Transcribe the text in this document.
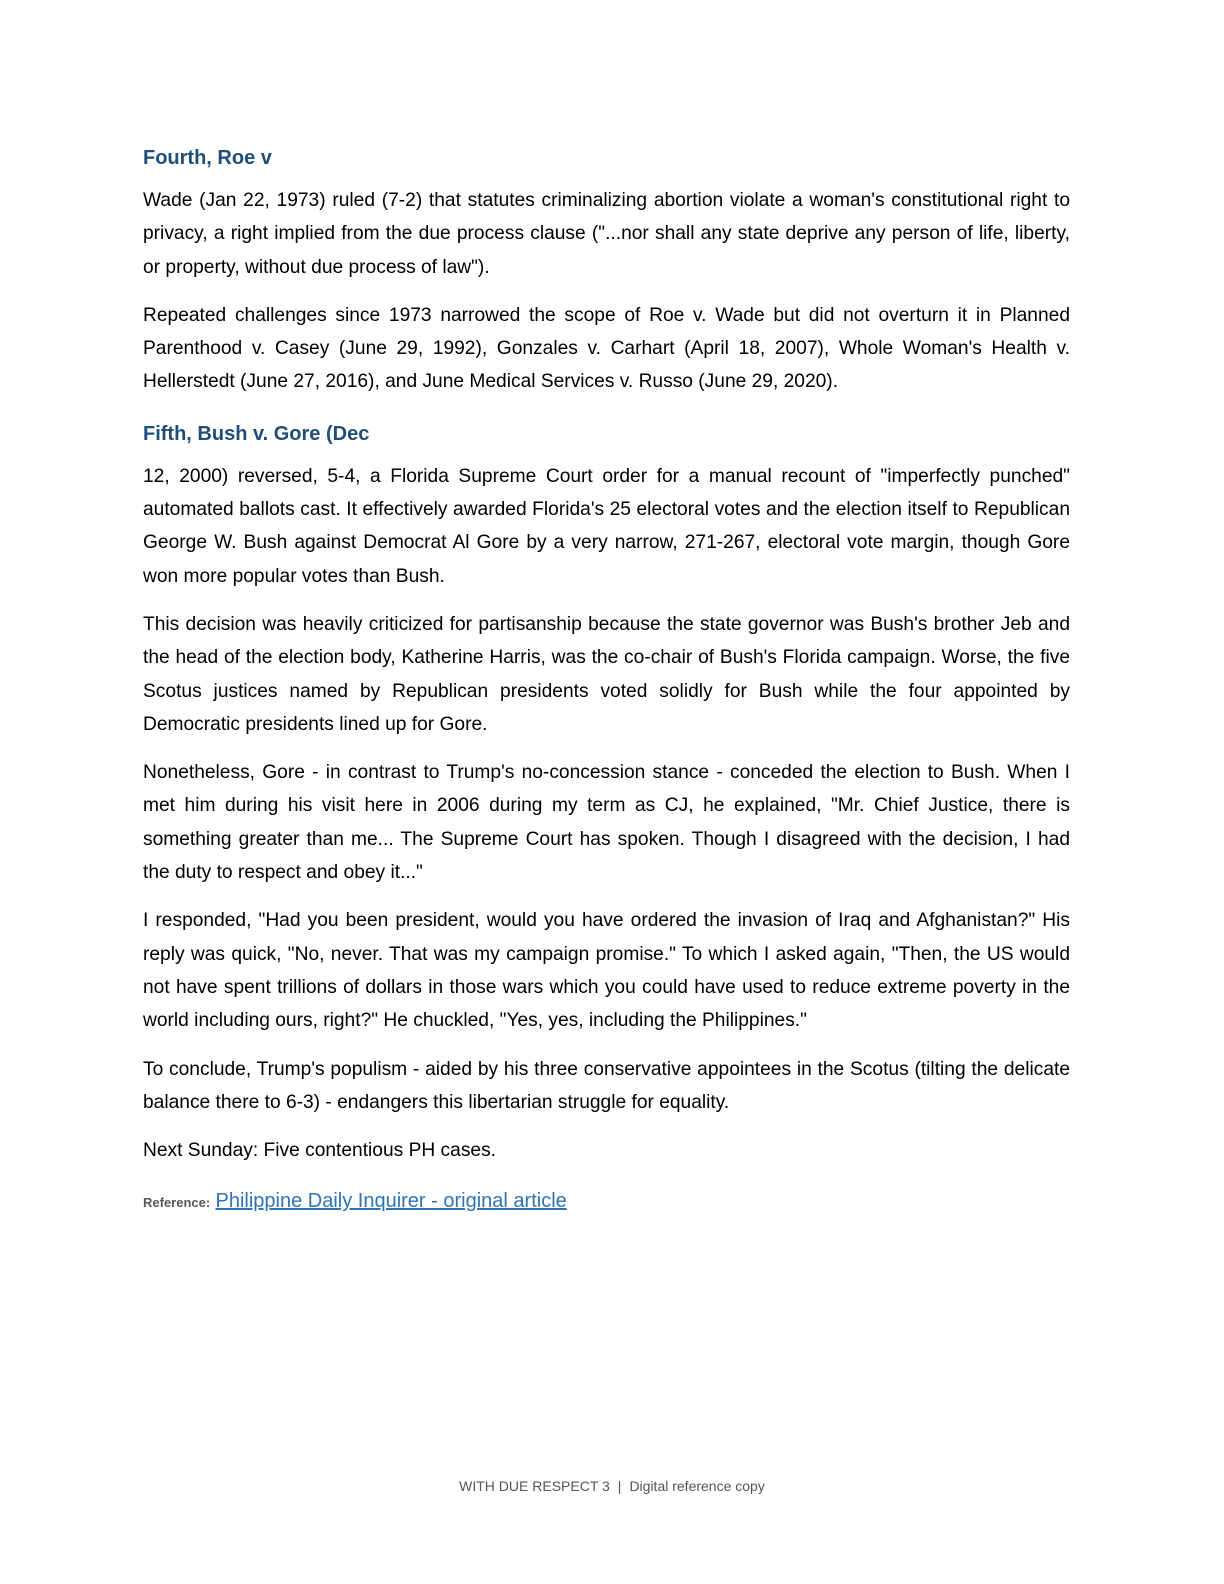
Fourth, Roe v

Wade (Jan 22, 1973) ruled (7-2) that statutes criminalizing abortion violate a woman's constitutional right to privacy, a right implied from the due process clause ("...nor shall any state deprive any person of life, liberty, or property, without due process of law").

Repeated challenges since 1973 narrowed the scope of Roe v. Wade but did not overturn it in Planned Parenthood v. Casey (June 29, 1992), Gonzales v. Carhart (April 18, 2007), Whole Woman's Health v. Hellerstedt (June 27, 2016), and June Medical Services v. Russo (June 29, 2020).

Fifth, Bush v. Gore (Dec

12, 2000) reversed, 5-4, a Florida Supreme Court order for a manual recount of "imperfectly punched" automated ballots cast. It effectively awarded Florida's 25 electoral votes and the election itself to Republican George W. Bush against Democrat Al Gore by a very narrow, 271-267, electoral vote margin, though Gore won more popular votes than Bush.

This decision was heavily criticized for partisanship because the state governor was Bush's brother Jeb and the head of the election body, Katherine Harris, was the co-chair of Bush's Florida campaign. Worse, the five Scotus justices named by Republican presidents voted solidly for Bush while the four appointed by Democratic presidents lined up for Gore.

Nonetheless, Gore - in contrast to Trump's no-concession stance - conceded the election to Bush. When I met him during his visit here in 2006 during my term as CJ, he explained, "Mr. Chief Justice, there is something greater than me... The Supreme Court has spoken. Though I disagreed with the decision, I had the duty to respect and obey it..."

I responded, "Had you been president, would you have ordered the invasion of Iraq and Afghanistan?" His reply was quick, "No, never. That was my campaign promise." To which I asked again, "Then, the US would not have spent trillions of dollars in those wars which you could have used to reduce extreme poverty in the world including ours, right?" He chuckled, "Yes, yes, including the Philippines."

To conclude, Trump's populism - aided by his three conservative appointees in the Scotus (tilting the delicate balance there to 6-3) - endangers this libertarian struggle for equality.

Next Sunday: Five contentious PH cases.

Reference: Philippine Daily Inquirer - original article
WITH DUE RESPECT 3 | Digital reference copy
